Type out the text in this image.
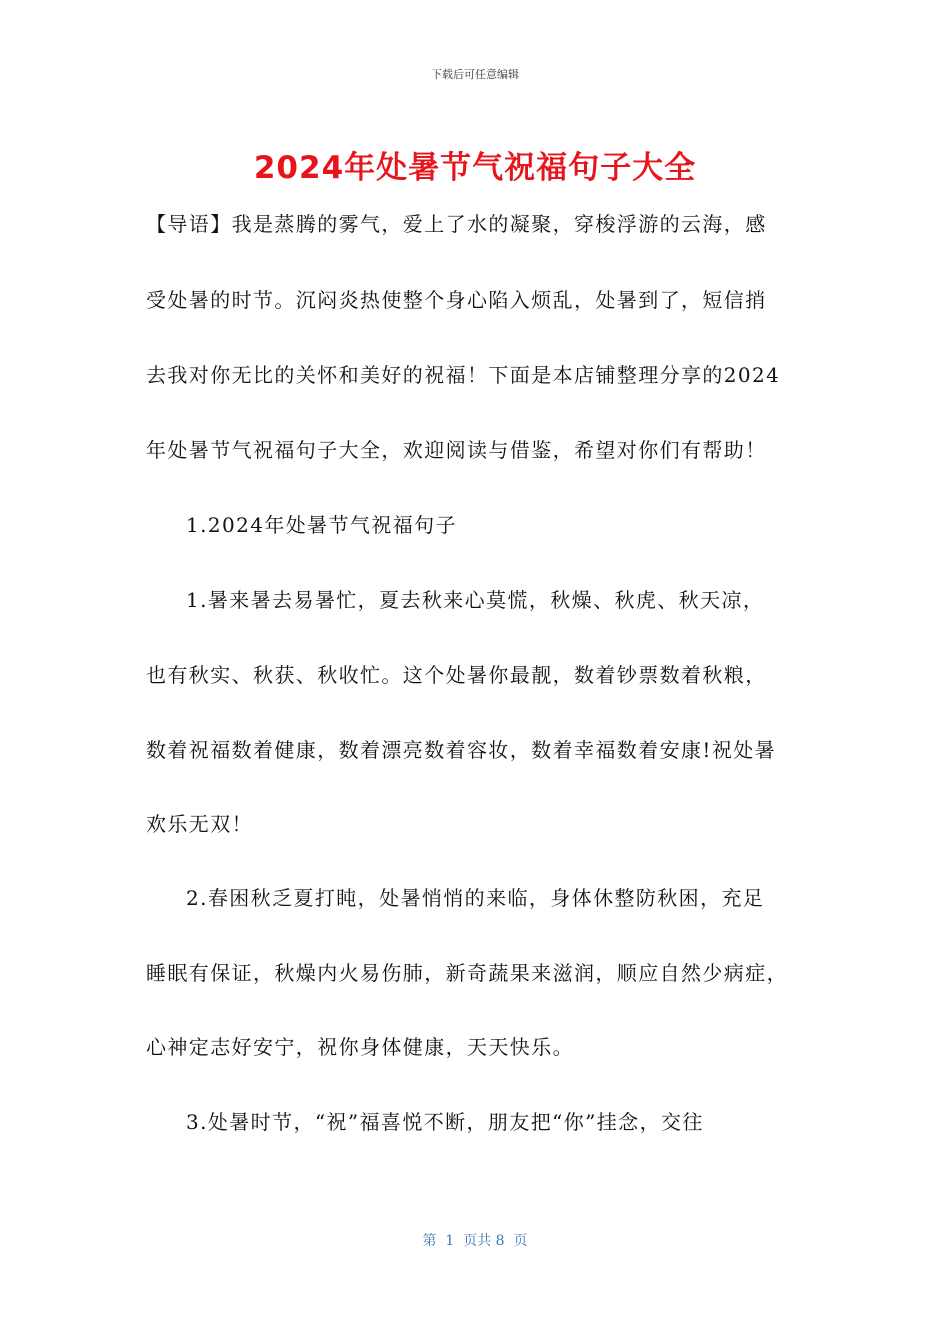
下载后可任意编辑
2024年处暑节气祝福句子大全
【导语】我是蒸腾的雾气，爱上了水的凝聚，穿梭浮游的云海，感
受处暑的时节。沉闷炎热使整个身心陷入烦乱，处暑到了，短信捎
去我对你无比的关怀和美好的祝福！下面是本店铺整理分享的2024
年处暑节气祝福句子大全，欢迎阅读与借鉴，希望对你们有帮助！
1.2024年处暑节气祝福句子
1.暑来暑去易暑忙，夏去秋来心莫慌，秋燥、秋虎、秋天凉，
也有秋实、秋获、秋收忙。这个处暑你最靓，数着钞票数着秋粮，
数着祝福数着健康，数着漂亮数着容妆，数着幸福数着安康!祝处暑
欢乐无双！
2.春困秋乏夏打盹，处暑悄悄的来临，身体休整防秋困，充足
睡眠有保证，秋燥内火易伤肺，新奇蔬果来滋润，顺应自然少病症，
心神定志好安宁，祝你身体健康，天天快乐。
3.处暑时节，“祝”福喜悦不断，朋友把“你”挂念，交往
第  1  页共 8  页
